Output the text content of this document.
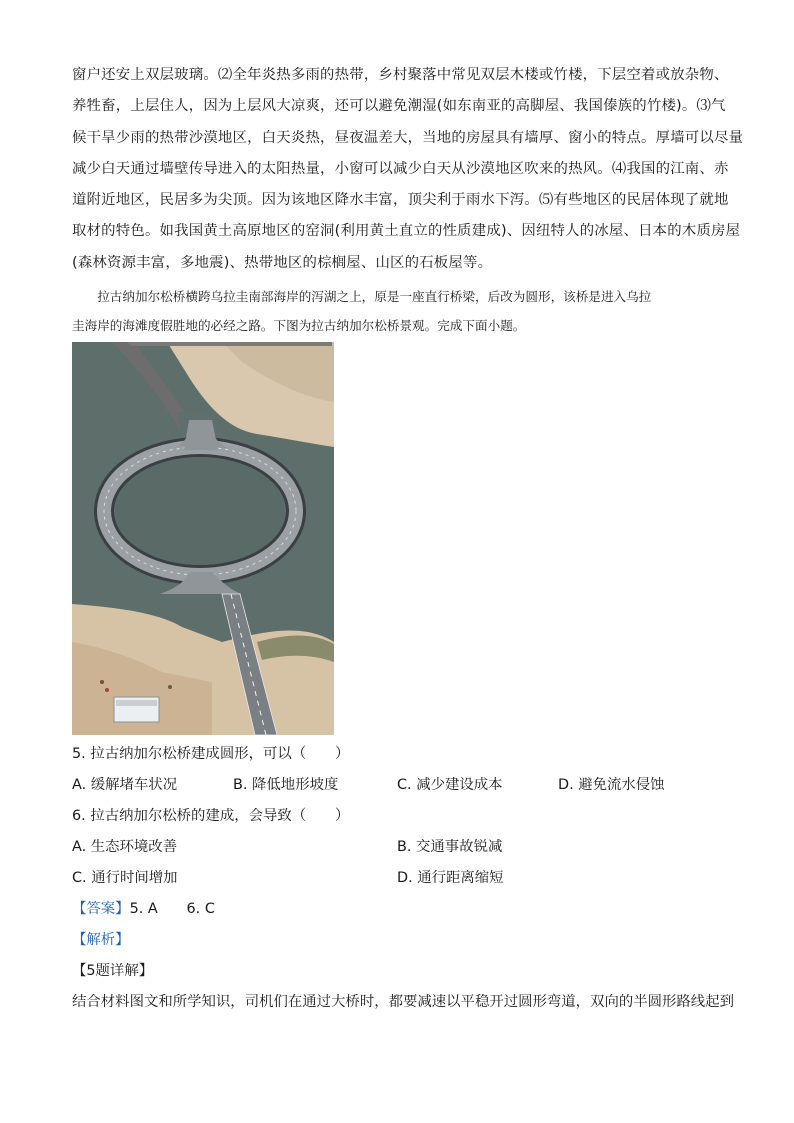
窗户还安上双层玻璃。⑵全年炎热多雨的热带，乡村聚落中常见双层木楼或竹楼，下层空着或放杂物、
养牲畜，上层住人，因为上层风大凉爽，还可以避免潮湿(如东南亚的高脚屋、我国傣族的竹楼)。⑶气
候干旱少雨的热带沙漠地区，白天炎热，昼夜温差大，当地的房屋具有墙厚、窗小的特点。厚墙可以尽量
减少白天通过墙壁传导进入的太阳热量，小窗可以减少白天从沙漠地区吹来的热风。⑷我国的江南、赤
道附近地区，民居多为尖顶。因为该地区降水丰富，顶尖利于雨水下泻。⑸有些地区的民居体现了就地
取材的特色。如我国黄土高原地区的窑洞(利用黄土直立的性质建成)、因纽特人的冰屋、日本的木质房屋
(森林资源丰富，多地震)、热带地区的棕榈屋、山区的石板屋等。
　　拉古纳加尔松桥横跨乌拉圭南部海岸的泻湖之上，原是一座直行桥梁，后改为圆形，该桥是进入乌拉
圭海岸的海滩度假胜地的必经之路。下图为拉古纳加尔松桥景观。完成下面小题。
5. 拉古纳加尔松桥建成圆形，可以（　　）
A. 缓解堵车状况	B. 降低地形坡度	C. 减少建设成本	D. 避免流水侵蚀
6. 拉古纳加尔松桥的建成，会导致（　　）
A. 生态环境改善	B. 交通事故锐减
C. 通行时间增加	D. 通行距离缩短
【答案】5. A　　6. C
【解析】
【5题详解】
结合材料图文和所学知识，司机们在通过大桥时，都要减速以平稳开过圆形弯道，双向的半圆形路线起到
